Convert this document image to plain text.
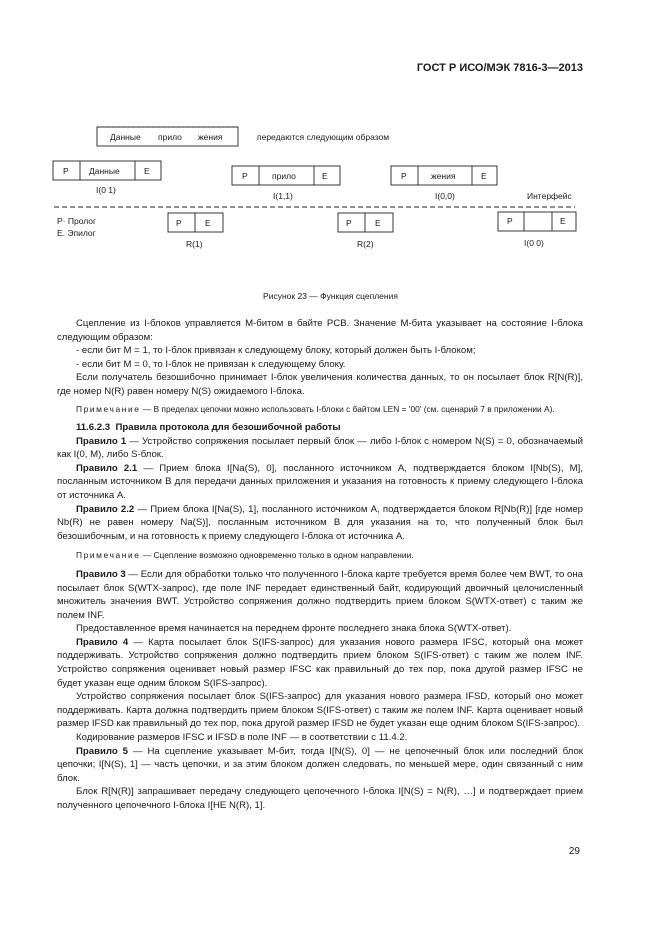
ГОСТ Р ИСО/МЭК 7816-3—2013
Данные прило жения	передаются следующим образом
P Данные	E
I(0 1)
P	прило	E
I(1,1)
P	жения	E
I(0,0)	Интерфейс
P· Пролог
E. Эпилог
P	E
R(1)
P	E
R(2)
P	E
I(0 0)
Рисунок 23 — Функция сцепления

Сцепление из I-блоков управляется М-битом в байте PCB. Значение М-бита указывает на состояние I-блока следующим образом:

- если бит М = 1, то I-блок привязан к следующему блоку, который должен быть I-блоком;

- если бит М = 0, то I-блок не привязан к следующему блоку.

Если получатель безошибочно принимает I-блок увеличения количества данных, то он посылает блок R[N(R)], где номер N(R) равен номеру N(S) ожидаемого I-блока.

Примечание — В пределах цепочки можно использовать I-блоки с байтом LEN = '00' (см. сценарий 7 в приложении А).

11.6.2.3 Правила протокола для безошибочной работы

Правило 1 — Устройство сопряжения посылает первый блок — либо I-блок с номером N(S) = 0, обозначаемый как I(0, M), либо S-блок.

Правило 2.1 — Прием блока I[Nа(S), 0], посланного источником А, подтверждается блоком I[Nb(S), M], посланным источником В для передачи данных приложения и указания на готовность к приему следующего I-блока от источника А.

Правило 2.2 — Прием блока I[Nа(S), 1], посланного источником А, подтверждается блоком R[Nb(R)] [где номер Nb(R) не равен номеру Nа(S)], посланным источником В для указания на то, что полученный блок был безошибочным, и на готовность к приему следующего I-блока от источника А.

Примечание — Сцепление возможно одновременно только в одном направлении.

Правило 3 — Если для обработки только что полученного I-блока карте требуется время более чем BWT, то она посылает блок S(WTX-запрос), где поле INF передает единственный байт, кодирующий двоичный целочисленный множитель значения BWT. Устройство сопряжения должно подтвердить прием блоком S(WTX-ответ) с таким же полем INF.

Предоставленное время начинается на переднем фронте последнего знака блока S(WTX-ответ).

Правило 4 — Карта посылает блок S(IFS-запрос) для указания нового размера IFSC, который она может поддерживать. Устройство сопряжения должно подтвердить прием блоком S(IFS-ответ) с таким же полем INF. Устройство сопряжения оценивает новый размер IFSC как правильный до тех пор, пока другой размер IFSC не будет указан еще одним блоком S(IFS-запрос).

Устройство сопряжения посылает блок S(IFS-запрос) для указания нового размера IFSD, который оно может поддерживать. Карта должна подтвердить прием блоком S(IFS-ответ) с таким же полем INF. Карта оценивает новый размер IFSD как правильный до тех пор, пока другой размер IFSD не будет указан еще одним блоком S(IFS-запрос).

Кодирование размеров IFSC и IFSD в поле INF — в соответствии с 11.4.2.

Правило 5 — На сцепление указывает М-бит, тогда I[N(S), 0] — не цепочечный блок или последний блок цепочки; I[N(S), 1] — часть цепочки, и за этим блоком должен следовать, по меньшей мере, один связанный с ним блок.

Блок R[N(R)] запрашивает передачу следующего цепочечного I-блока I[N(S) = N(R), …] и подтверждает прием полученного цепочечного I-блока I[НЕ N(R), 1].

29
